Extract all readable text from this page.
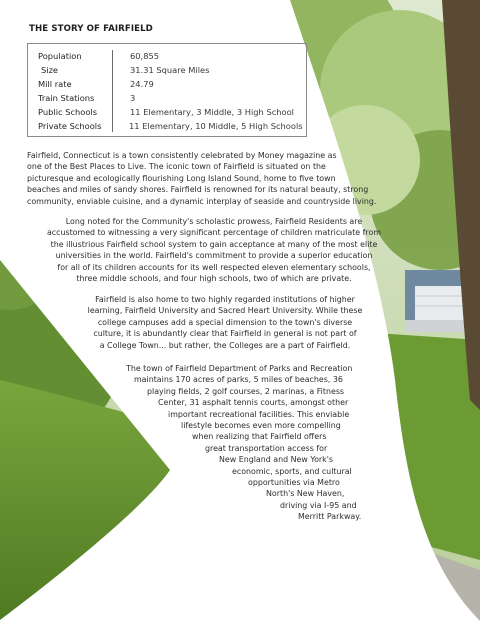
THE STORY OF FAIRFIELD
Population	60,855
Size	31.31 Square Miles
Mill rate	24.79
Train Stations	3
Public Schools	11 Elementary, 3 Middle, 3 High School
Private Schools	11 Elementary, 10 Middle, 5 High Schools
Fairfield, Connecticut is a town consistently celebrated by Money magazine as
one of the Best Places to Live. The iconic town of Fairfield is situated on the
picturesque and ecologically flourishing Long Island Sound, home to five town
beaches and miles of sandy shores. Fairfield is renowned for its natural beauty, strong
community, enviable cuisine, and a dynamic interplay of seaside and countryside living.
Long noted for the Community's scholastic prowess, Fairfield Residents are
accustomed to witnessing a very significant percentage of children matriculate from
the illustrious Fairfield school system to gain acceptance at many of the most elite
universities in the world. Fairfield's commitment to provide a superior education
for all of its children accounts for its well respected eleven elementary schools,
three middle schools, and four high schools, two of which are private.
Fairfield is also home to two highly regarded institutions of higher
learning, Fairfield University and Sacred Heart University. While these
college campuses add a special dimension to the town's diverse
culture, it is abundantly clear that Fairfield in general is not part of
a College Town... but rather, the Colleges are a part of Fairfield.
The town of Fairfield Department of Parks and Recreation
maintains 170 acres of parks, 5 miles of beaches, 36
playing fields, 2 golf courses, 2 marinas, a Fitness
Center, 31 asphalt tennis courts, amongst other
important recreational facilities. This enviable
lifestyle becomes even more compelling
when realizing that Fairfield offers
great transportation access for
New England and New York's
economic, sports, and cultural
opportunities via Metro
North's New Haven,
driving via I-95 and
Merritt Parkway.
